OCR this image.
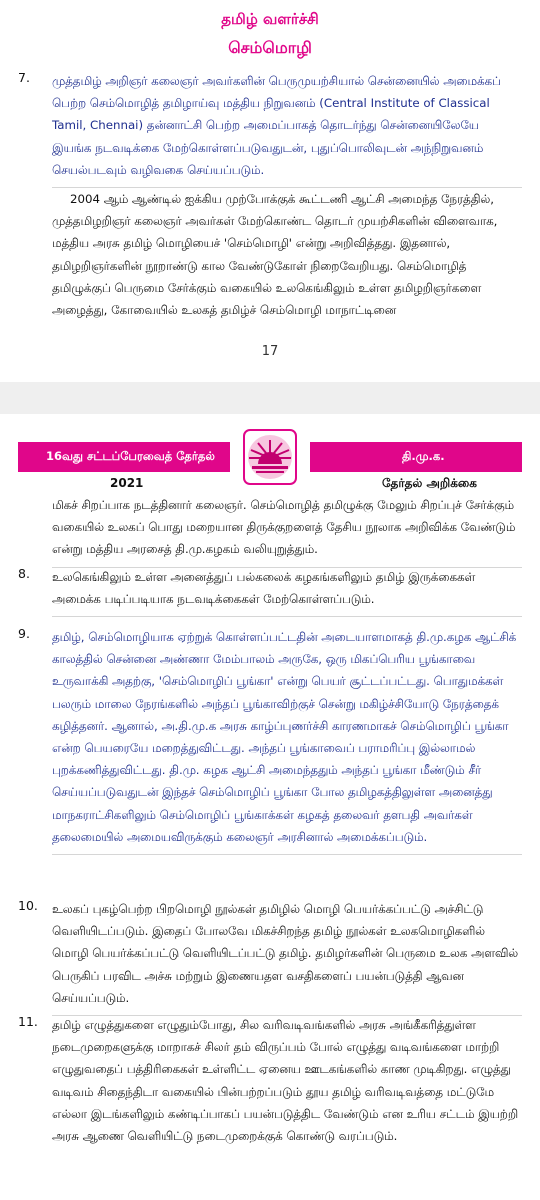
தமிழ் வளர்ச்சி
செம்மொழி
7. முத்தமிழ் அறிஞர் கலைஞர் அவர்களின் பெருமுயற்சியால் சென்னையில் அமைக்கப் பெற்ற செம்மொழித் தமிழாய்வு மத்திய நிறுவனம் (Central Institute of Classical Tamil, Chennai) தன்னாட்சி பெற்ற அமைப்பாகத் தொடர்ந்து சென்னையிலேயே இயங்க நடவடிக்கை மேற்கொள்ளப்படுவதுடன், புதுப்பொலிவுடன் அந்நிறுவனம் செயல்படவும் வழிவகை செய்யப்படும்.
2004 ஆம் ஆண்டில் ஐக்கிய முற்போக்குக் கூட்டணி ஆட்சி அமைந்த நேரத்தில், முத்தமிழறிஞர் கலைஞர் அவர்கள் மேற்கொண்ட தொடர் முயற்சிகளின் விளைவாக, மத்திய அரசு தமிழ் மொழியைச் 'செம்மொழி' என்று அறிவித்தது. இதனால், தமிழறிஞர்களின் நூறாண்டு கால வேண்டுகோள் நிறைவேறியது. செம்மொழித் தமிழுக்குப் பெருமை சேர்க்கும் வகையில் உலகெங்கிலும் உள்ள தமிழறிஞர்களை அழைத்து, கோவையில் உலகத் தமிழ்ச் செம்மொழி மாநாட்டினை
17
16வது சட்டப்பேரவைத் தேர்தல்
2021
தி.மு.க.
தேர்தல் அறிக்கை
மிகச் சிறப்பாக நடத்தினார் கலைஞர். செம்மொழித் தமிழுக்கு மேலும் சிறப்புச் சேர்க்கும் வகையில் உலகப் பொது மறையான திருக்குறளைத் தேசிய நூலாக அறிவிக்க வேண்டும் என்று மத்திய அரசைத் தி.மு.கழகம் வலியுறுத்தும்.
8. உலகெங்கிலும் உள்ள அனைத்துப் பல்கலைக் கழகங்களிலும் தமிழ் இருக்கைகள் அமைக்க படிப்படியாக நடவடிக்கைகள் மேற்கொள்ளப்படும்.
9. தமிழ், செம்மொழியாக ஏற்றுக் கொள்ளப்பட்டதின் அடையாளமாகத் தி.மு.கழக ஆட்சிக் காலத்தில் சென்னை அண்ணா மேம்பாலம் அருகே, ஒரு மிகப்பெரிய பூங்காவை உருவாக்கி அதற்கு, 'செம்மொழிப் பூங்கா' என்று பெயர் சூட்டப்பட்டது. பொதுமக்கள் பலரும் மாலை நேரங்களில் அந்தப் பூங்காவிற்குச் சென்று மகிழ்ச்சியோடு நேரத்தைக் கழித்தனர். ஆனால், அ.தி.மு.க அரசு காழ்ப்புணர்ச்சி காரணமாகச் செம்மொழிப் பூங்கா என்ற பெயரையே மறைத்துவிட்டது. அந்தப் பூங்காவைப் பராமரிப்பு இல்லாமல் புறக்கணித்துவிட்டது. தி.மு. கழக ஆட்சி அமைந்ததும் அந்தப் பூங்கா மீண்டும் சீர் செய்யப்படுவதுடன் இந்தச் செம்மொழிப் பூங்கா போல தமிழகத்திலுள்ள அனைத்து மாநகராட்சிகளிலும் செம்மொழிப் பூங்காக்கள் கழகத் தலைவர் தளபதி அவர்கள் தலைமையில் அமையவிருக்கும் கலைஞர் அரசினால் அமைக்கப்படும்.
10. உலகப் புகழ்பெற்ற பிறமொழி நூல்கள் தமிழில் மொழி பெயர்க்கப்பட்டு அச்சிட்டு வெளியிடப்படும். இதைப் போலவே மிகச்சிறந்த தமிழ் நூல்கள் உலகமொழிகளில் மொழி பெயர்க்கப்பட்டு வெளியிடப்பட்டு தமிழ். தமிழர்களின் பெருமை உலக அளவில் பெருகிப் பரவிட அச்சு மற்றும் இணையதள வசதிகளைப் பயன்படுத்தி ஆவன செய்யப்படும்.
11. தமிழ் எழுத்துகளை எழுதும்போது, சில வரிவடிவங்களில் அரசு அங்கீகரித்துள்ள நடைமுறைகளுக்கு மாறாகச் சிலர் தம் விருப்பம் போல் எழுத்து வடிவங்களை மாற்றி எழுதுவதைப் பத்திரிகைகள் உள்ளிட்ட ஏனைய ஊடகங்களில் காண முடிகிறது. எழுத்து வடிவம் சிதைந்திடா வகையில் பின்பற்றப்படும் தூய தமிழ் வரிவடிவத்தை மட்டுமே எல்லா இடங்களிலும் கண்டிப்பாகப் பயன்படுத்திட வேண்டும் என உரிய சட்டம் இயற்றி அரசு ஆணை வெளியிட்டு நடைமுறைக்குக் கொண்டு வரப்படும்.
